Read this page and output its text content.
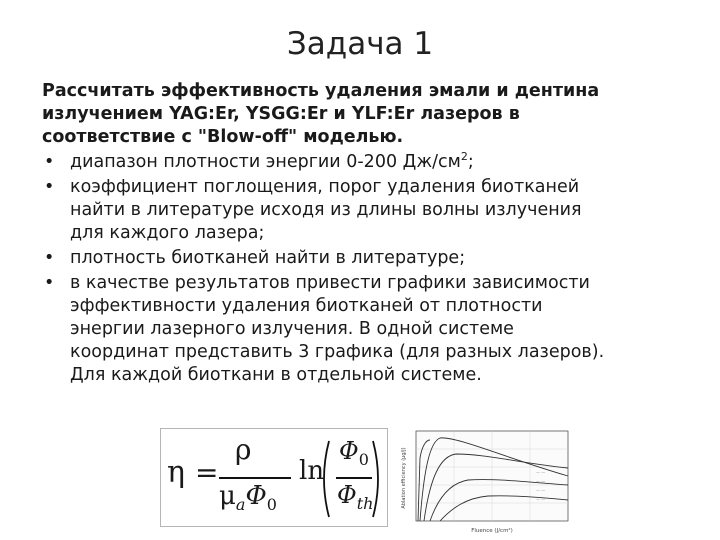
Задача 1

Рассчитать эффективность удаления эмали и дентина
излучением YAG:Er, YSGG:Er и YLF:Er лазеров в
соответствие с "Blow-off" моделью.

• диапазон плотности энергии 0-200 $Дж/см^2$;
• коэффициент поглощения, порог удаления биотканей
найти в литературе исходя из длины волны излучения
для каждого лазера;
• плотность биотканей найти в литературе;
• в качестве результатов привести графики зависимости
эффективности удаления биотканей от плотности
энергии лазерного излучения. В одной системе
координат представить 3 графика (для разных лазеров).
Для каждой биоткани в отдельной системе.
η =
ρ
$\mu_a\Phi_0$
ln
$\Phi_0$
$\Phi_{th}$
— —
— —
— —
— —
Fluence (J/cm²)
Ablation efficiency (µg/J)
